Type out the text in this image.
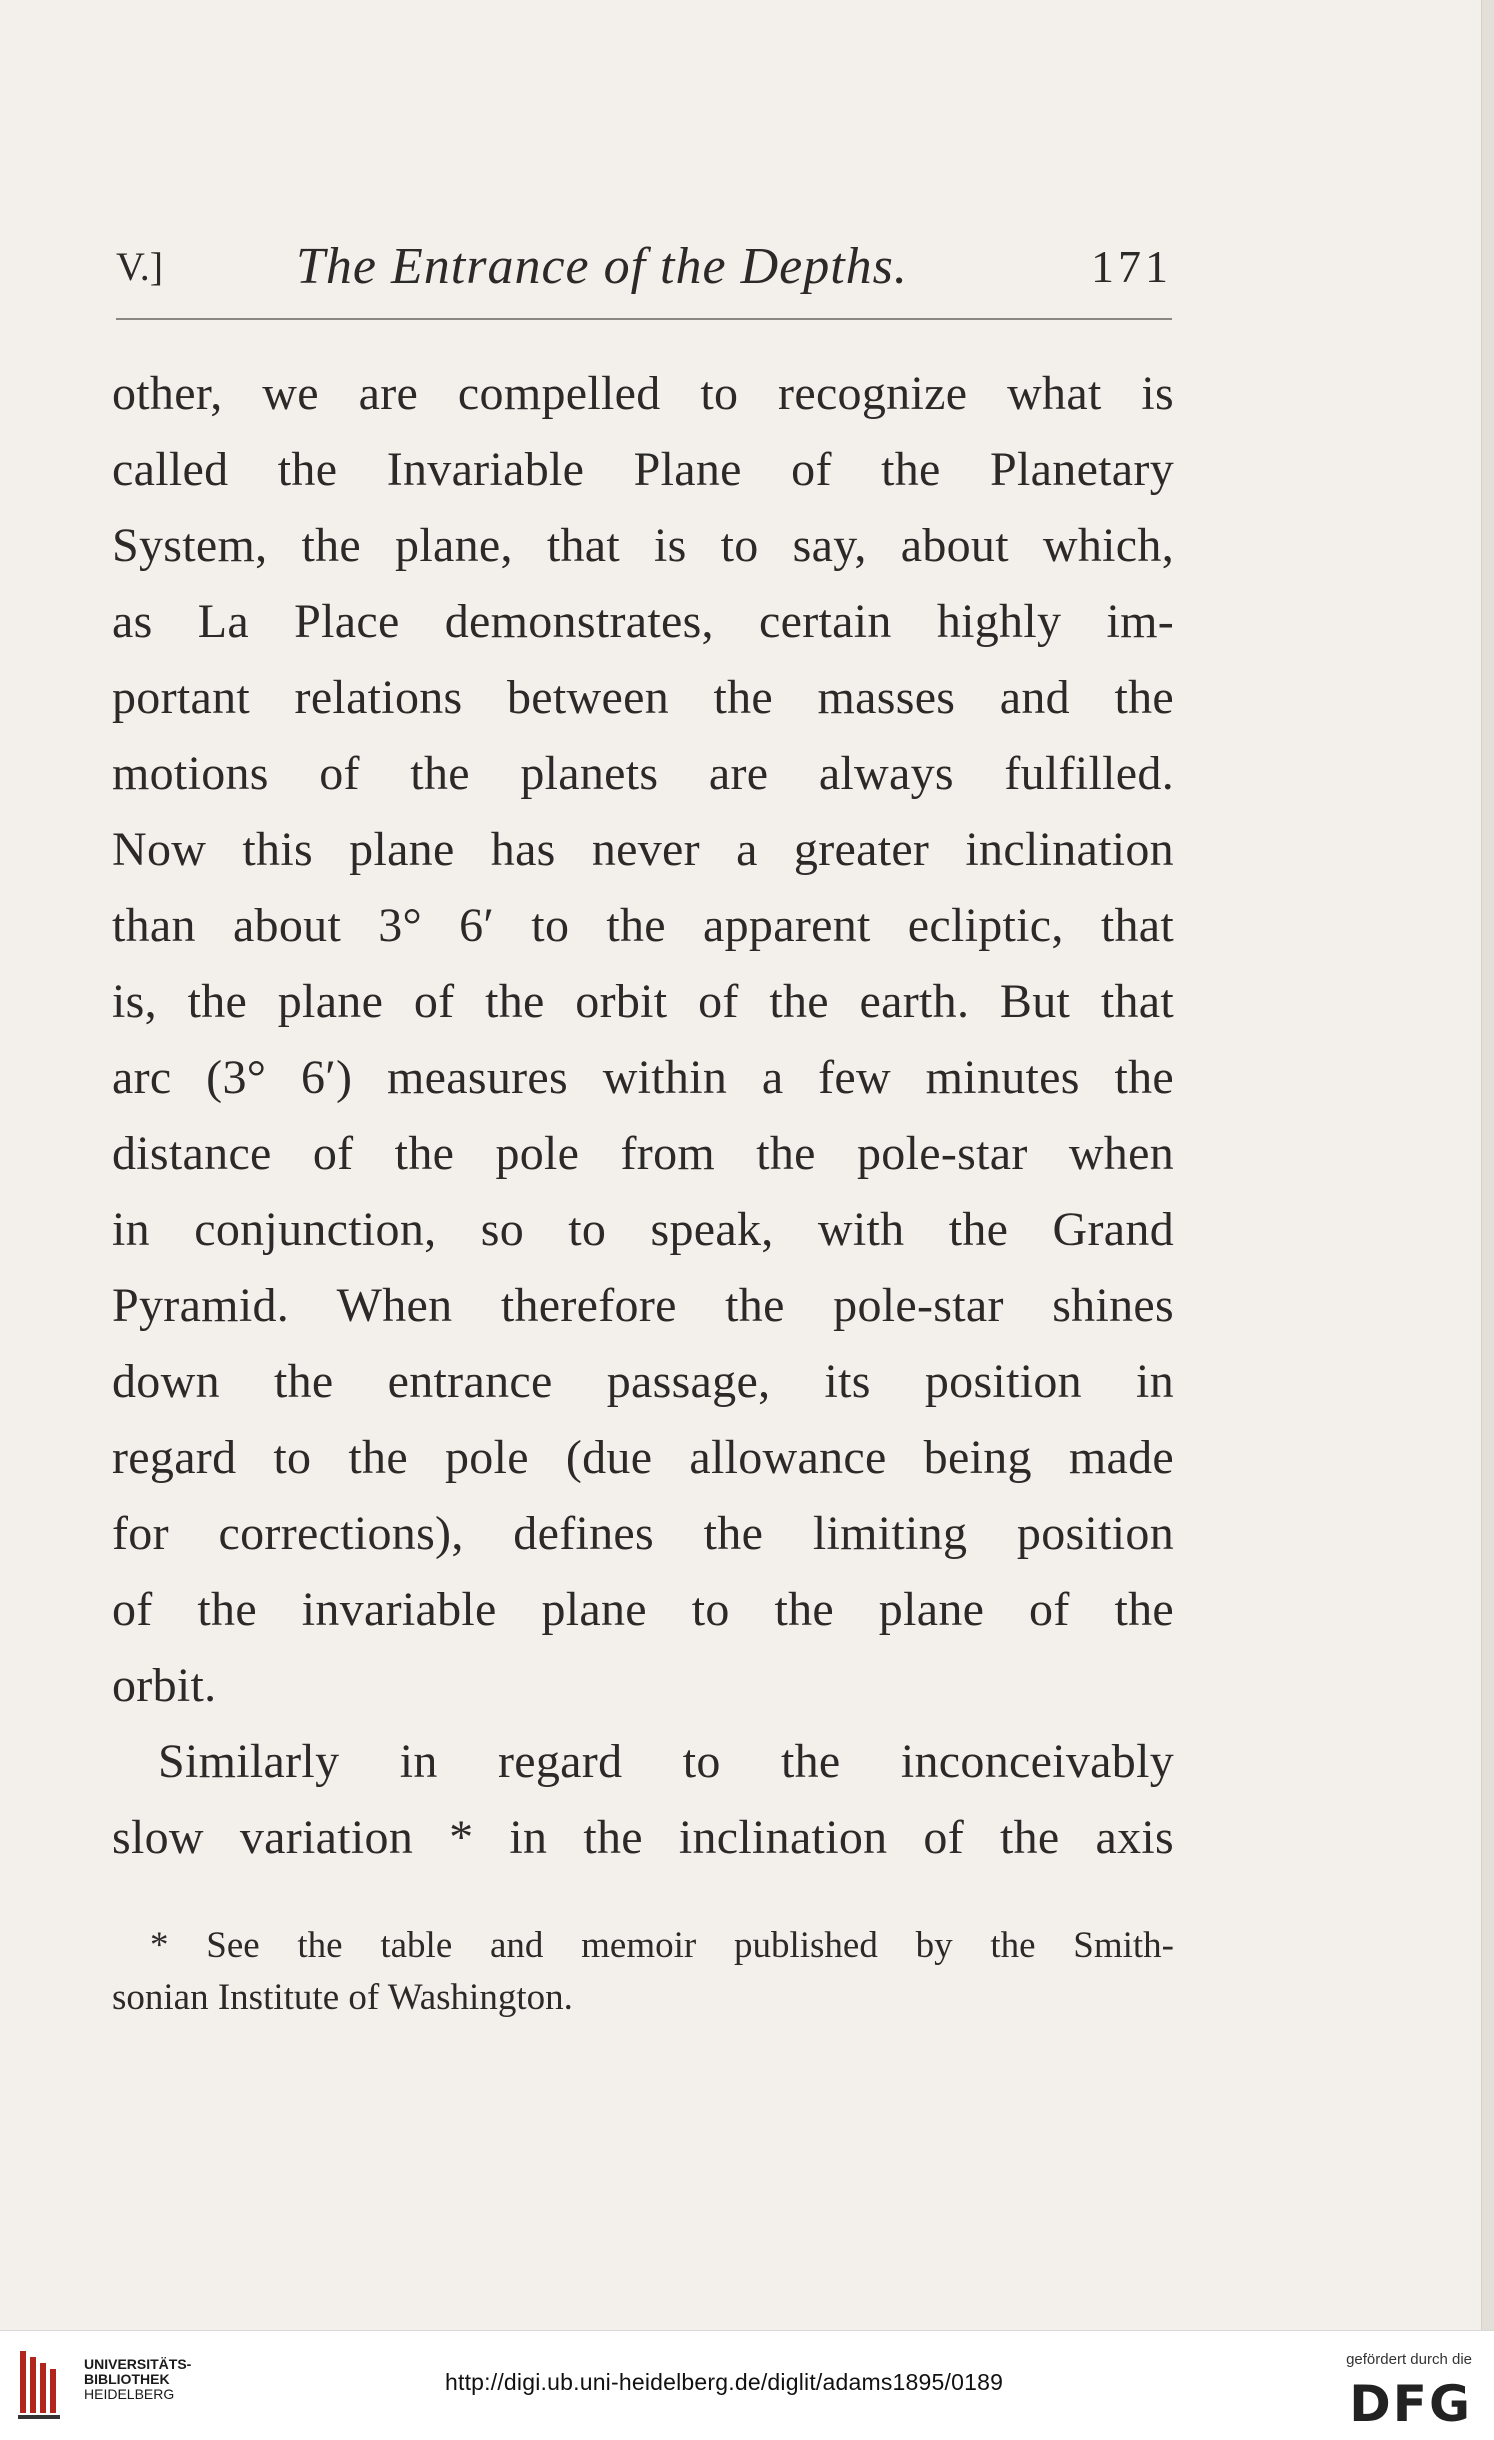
V.]	The Entrance of the Depths.	171
other, we are compelled to recognize what is
called the Invariable Plane of the Planetary
System, the plane, that is to say, about which,
as La Place demonstrates, certain highly im-
portant relations between the masses and the
motions of the planets are always fulfilled.
Now this plane has never a greater inclination
than about 3° 6′ to the apparent ecliptic, that
is, the plane of the orbit of the earth. But that
arc (3° 6′) measures within a few minutes the
distance of the pole from the pole-star when
in conjunction, so to speak, with the Grand
Pyramid. When therefore the pole-star shines
down the entrance passage, its position in
regard to the pole (due allowance being made
for corrections), defines the limiting position
of the invariable plane to the plane of the
orbit.
Similarly in regard to the inconceivably
slow variation * in the inclination of the axis
* See the table and memoir published by the Smith-
sonian Institute of Washington.
UNIVERSITÄTS-
BIBLIOTHEK
HEIDELBERG	http://digi.ub.uni-heidelberg.de/diglit/adams1895/0189
gefördert durch die
DFG
